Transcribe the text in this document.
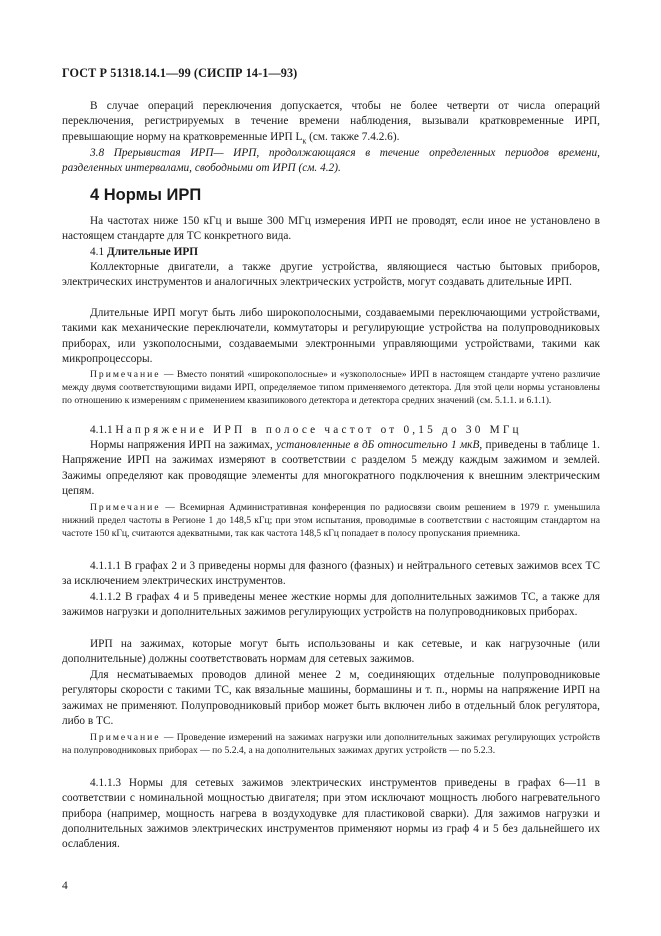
ГОСТ Р 51318.14.1—99 (СИСПР 14-1—93)
В случае операций переключения допускается, чтобы не более четверти от числа операций переключения, регистрируемых в течение времени наблюдения, вызывали кратковременные ИРП, превышающие норму на кратковременные ИРП $L_к$ (см. также 7.4.2.6).
3.8 Прерывистая ИРП— ИРП, продолжающаяся в течение определенных периодов времени, разделенных интервалами, свободными от ИРП (см. 4.2).
4 Нормы ИРП
На частотах ниже 150 кГц и выше 300 МГц измерения ИРП не проводят, если иное не установлено в настоящем стандарте для ТС конкретного вида.
4.1 Длительные ИРП
Коллекторные двигатели, а также другие устройства, являющиеся частью бытовых приборов, электрических инструментов и аналогичных электрических устройств, могут создавать длительные ИРП.
Длительные ИРП могут быть либо широкополосными, создаваемыми переключающими устройствами, такими как механические переключатели, коммутаторы и регулирующие устройства на полупроводниковых приборах, или узкополосными, создаваемыми электронными управляющими устройствами, такими как микропроцессоры.
Примечание — Вместо понятий «широкополосные» и «узкополосные» ИРП в настоящем стандарте учтено различие между двумя соответствующими видами ИРП, определяемое типом применяемого детектора. Для этой цели нормы установлены по отношению к измерениям с применением квазипикового детектора и детектора средних значений (см. 5.1.1. и 6.1.1).
4.1.1 Напряжение ИРП в полосе частот от 0,15 до 30 МГц
Нормы напряжения ИРП на зажимах, установленные в дБ относительно 1 мкВ, приведены в таблице 1. Напряжение ИРП на зажимах измеряют в соответствии с разделом 5 между каждым зажимом и землей. Зажимы определяют как проводящие элементы для многократного подключения к внешним электрическим цепям.
Примечание — Всемирная Административная конференция по радиосвязи своим решением в 1979 г. уменьшила нижний предел частоты в Регионе 1 до 148,5 кГц; при этом испытания, проводимые в соответствии с настоящим стандартом на частоте 150 кГц, считаются адекватными, так как частота 148,5 кГц попадает в полосу пропускания приемника.
4.1.1.1 В графах 2 и 3 приведены нормы для фазного (фазных) и нейтрального сетевых зажимов всех ТС за исключением электрических инструментов.
4.1.1.2 В графах 4 и 5 приведены менее жесткие нормы для дополнительных зажимов ТС, а также для зажимов нагрузки и дополнительных зажимов регулирующих устройств на полупроводниковых приборах.
ИРП на зажимах, которые могут быть использованы и как сетевые, и как нагрузочные (или дополнительные) должны соответствовать нормам для сетевых зажимов.
Для несматываемых проводов длиной менее 2 м, соединяющих отдельные полупроводниковые регуляторы скорости с такими ТС, как вязальные машины, бормашины и т. п., нормы на напряжение ИРП на зажимах не применяют. Полупроводниковый прибор может быть включен либо в отдельный блок регулятора, либо в ТС.
Примечание — Проведение измерений на зажимах нагрузки или дополнительных зажимах регулирующих устройств на полупроводниковых приборах — по 5.2.4, а на дополнительных зажимах других устройств — по 5.2.3.
4.1.1.3 Нормы для сетевых зажимов электрических инструментов приведены в графах 6—11 в соответствии с номинальной мощностью двигателя; при этом исключают мощность любого нагревательного прибора (например, мощность нагрева в воздуходувке для пластиковой сварки). Для зажимов нагрузки и дополнительных зажимов электрических инструментов применяют нормы из граф 4 и 5 без дальнейшего их ослабления.
4
